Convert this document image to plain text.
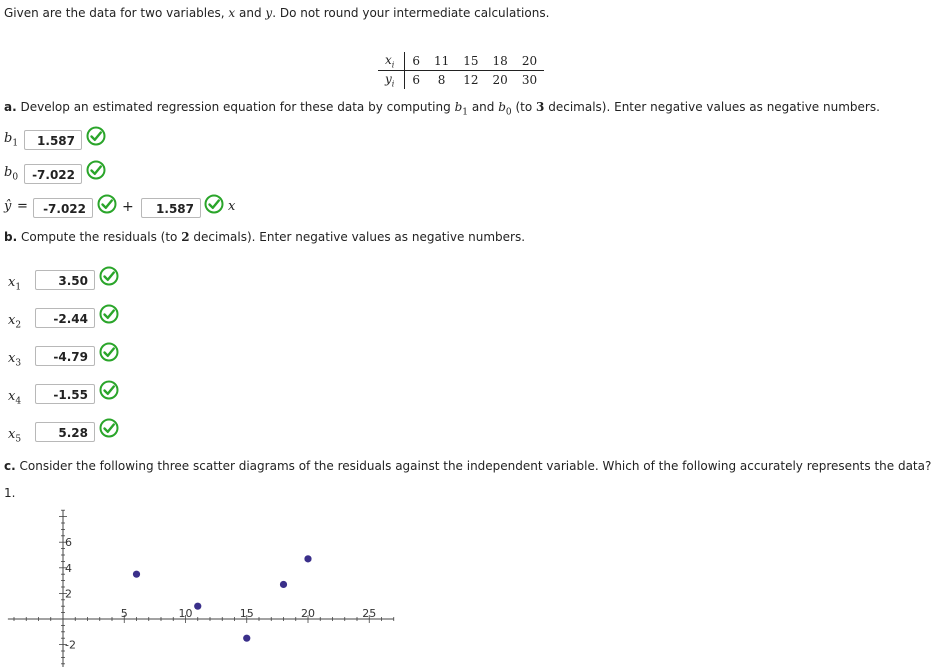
Given are the data for two variables, x and y. Do not round your intermediate calculations.
$x_i$	6	11	15	18	20
$y_i$	6	8	12	20	30
a. Develop an estimated regression equation for these data by computing $b_1$ and $b_0$ (to 3 decimals). Enter negative values as negative numbers.
$b_1$	1.587
$b_0$	-7.022
ŷ =	-7.022	+	1.587	x
b. Compute the residuals (to 2 decimals). Enter negative values as negative numbers.
$x_1$	3.50
$x_2$	-2.44
$x_3$	-4.79
$x_4$	-1.55
$x_5$	5.28
c. Consider the following three scatter diagrams of the residuals against the independent variable. Which of the following accurately represents the data?
1.
5	10	15	20	25
6
4
2
-2
